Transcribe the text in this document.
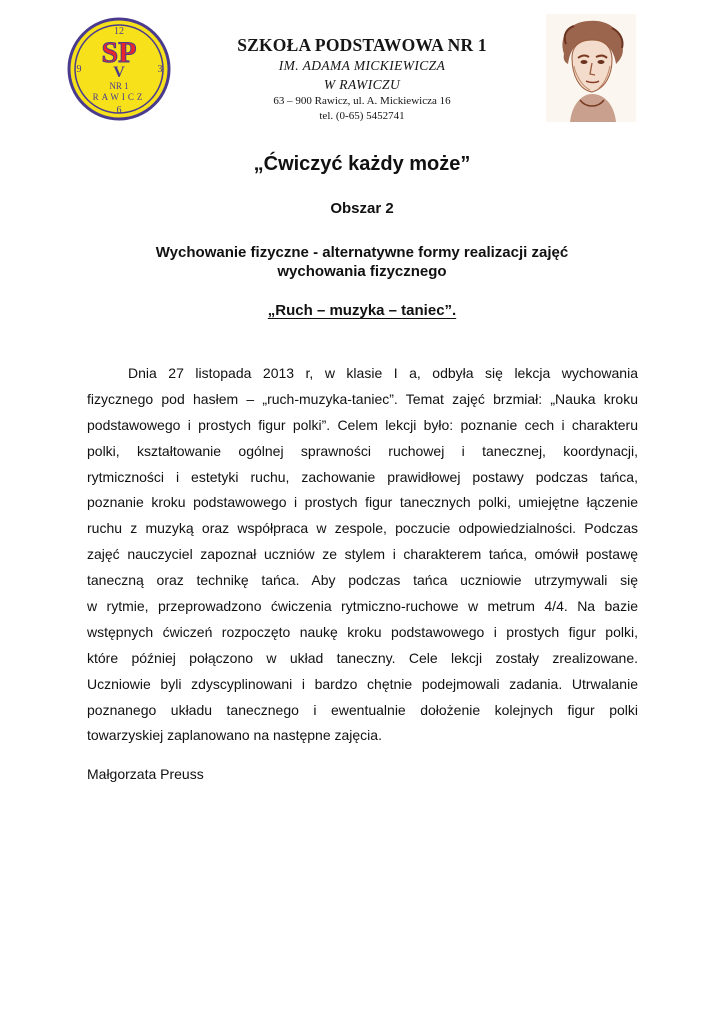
12
9	3
6
SP
V
NR 1
RAWICZ
SZKOŁA PODSTAWOWA NR 1
IM. ADAMA MICKIEWICZA
W RAWICZU
63 – 900 Rawicz, ul. A. Mickiewicza 16
tel. (0-65) 5452741
„Ćwiczyć każdy może”
Obszar 2
Wychowanie fizyczne - alternatywne formy realizacji zajęć
wychowania fizycznego
„Ruch – muzyka – taniec”.
Dnia 27 listopada 2013 r, w klasie I a, odbyła się lekcja wychowania
fizycznego pod hasłem – „ruch-muzyka-taniec”. Temat zajęć brzmiał: „Nauka kroku
podstawowego i prostych figur polki”. Celem lekcji było: poznanie cech i charakteru
polki, kształtowanie ogólnej sprawności ruchowej i tanecznej, koordynacji,
rytmiczności i estetyki ruchu, zachowanie prawidłowej postawy podczas tańca,
poznanie kroku podstawowego i prostych figur tanecznych polki, umiejętne łączenie
ruchu z muzyką oraz współpraca w zespole, poczucie odpowiedzialności. Podczas
zajęć nauczyciel zapoznał uczniów ze stylem i charakterem tańca, omówił postawę
taneczną oraz technikę tańca. Aby podczas tańca uczniowie utrzymywali się
w rytmie, przeprowadzono ćwiczenia rytmiczno-ruchowe w metrum 4/4. Na bazie
wstępnych ćwiczeń rozpoczęto naukę kroku podstawowego i prostych figur polki,
które później połączono w układ taneczny. Cele lekcji zostały zrealizowane.
Uczniowie byli zdyscyplinowani i bardzo chętnie podejmowali zadania. Utrwalanie
poznanego układu tanecznego i ewentualnie dołożenie kolejnych figur polki
towarzyskiej zaplanowano na następne zajęcia.
Małgorzata Preuss
